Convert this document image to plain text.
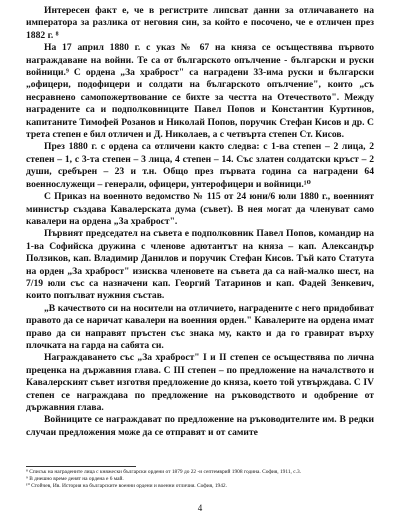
Интересен факт е, че в регистрите липсват данни за отличаването на императора за разлика от неговия син, за който е посочено, че е отличен през 1882 г. ⁸

На 17 април 1880 г. с указ № 67 на княза се осъществява първото награждаване на войни. Те са от българското опълчение - български и руски войници.⁹ С ордена „За храброст" са наградени 33-има руски и български „офицери, подофицери и солдати на българското опълчение", които „съ несравнено самопожертвование се бихте за честта на Отечеството". Между наградените са и подполковниците Павел Попов и Константин Куртинов, капитаните Тимофей Розанов и Николай Попов, поручик Стефан Кисов и др. С трета степен е бил отличен и Д. Николаев, а с четвърта степен Ст. Кисов.

През 1880 г. с ордена са отличени както следва: с 1-ва степен – 2 лица, 2 степен – 1, с 3-та степен – 3 лица, 4 степен – 14. Със златен солдатски кръст – 2 души, сребърен – 23 и т.н. Общо през първата година са наградени 64 военнослужещи – генерали, офицери, унтерофицери и войници.¹⁰

С Приказ на военното ведомство № 115 от 24 юни/6 юли 1880 г., военният министър създава Кавалерската дума (съвет). В нея могат да членуват само кавалери на ордена „За храброст".

Първият председател на съвета е подполковник Павел Попов, командир на 1-ва Софийска дружина с членове адютантът на княза – кап. Александър Ползиков, кап. Владимир Данилов и поручик Стефан Кисов. Тъй като Статута на орден „За храброст" изисква членовете на съвета да са най-малко шест, на 7/19 юли със са назначени кап. Георгий Татаринов и кап. Фадей Зенкевич, които попълват нужния състав.

„В качеството си на носители на отличието, наградените с него придобиват правото да се наричат кавалери на военния орден." Кавалерите на ордена имат право да си направят пръстен със знака му, както и да го гравират върху плочката на гарда на сабята си.

Награждаването със „За храброст" І и ІІ степен се осъществява по лична преценка на държавния глава. С ІІІ степен – по предложение на началството и Кавалерският съвет изготвя предложение до княза, което той утвърждава. С ІV степен се награждава по предложение на ръководството и одобрение от държавния глава.

Войниците се награждават по предложение на ръководителите им. В редки случаи предложения може да се отправят и от самите

⁸ Списък на наградените лица с княжески български ордени от 1879 до 22 -и септемврий 1908 година. София, 1911, с.3.

⁹ В днешно време денят на ордена е 6 май.

¹⁰ Стойчев, Ив. История на българските военни ордени и военни отличия. София, 1942.

4
